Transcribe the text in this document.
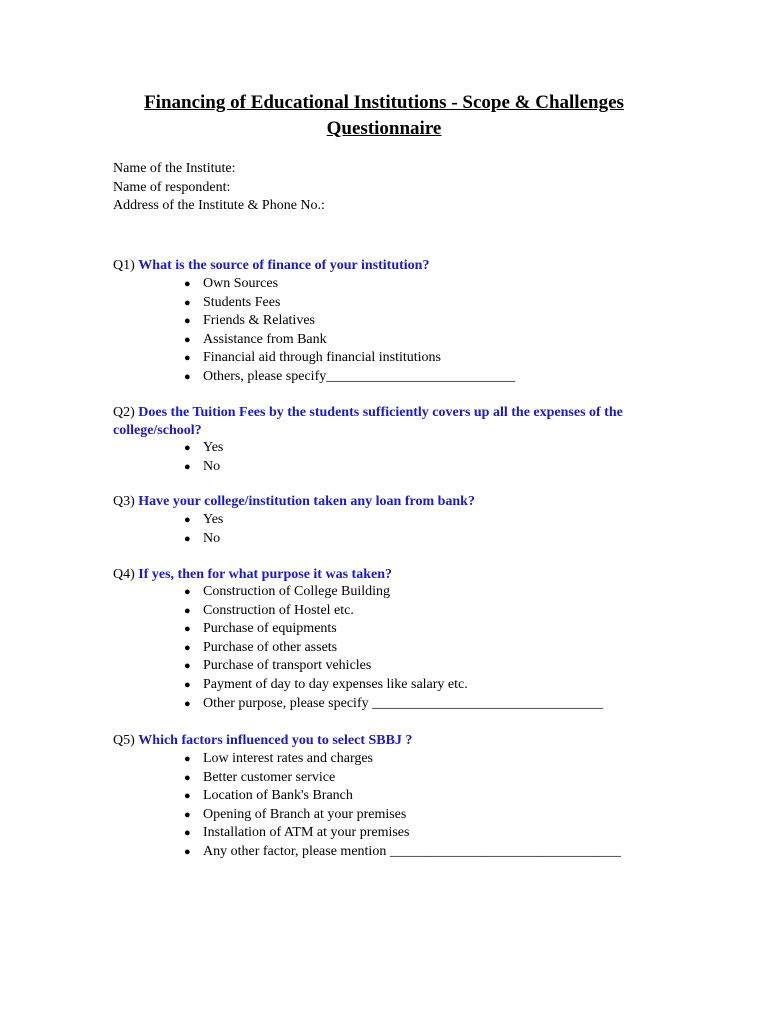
Financing of Educational Institutions - Scope & Challenges
Questionnaire
Name of the Institute:
Name of respondent:
Address of the Institute & Phone No.:
Q1) What is the source of finance of your institution?
● Own Sources
● Students Fees
● Friends & Relatives
● Assistance from Bank
● Financial aid through financial institutions
● Others, please specify___________________________
Q2) Does the Tuition Fees by the students sufficiently covers up all the expenses of the college/school?
● Yes
● No
Q3) Have your college/institution taken any loan from bank?
● Yes
● No
Q4) If yes, then for what purpose it was taken?
● Construction of College Building
● Construction of Hostel etc.
● Purchase of equipments
● Purchase of other assets
● Purchase of transport vehicles
● Payment of day to day expenses like salary etc.
● Other purpose, please specify _________________________________
Q5) Which factors influenced you to select SBBJ ?
● Low interest rates and charges
● Better customer service
● Location of Bank's Branch
● Opening of Branch at your premises
● Installation of ATM at your premises
● Any other factor, please mention _________________________________
